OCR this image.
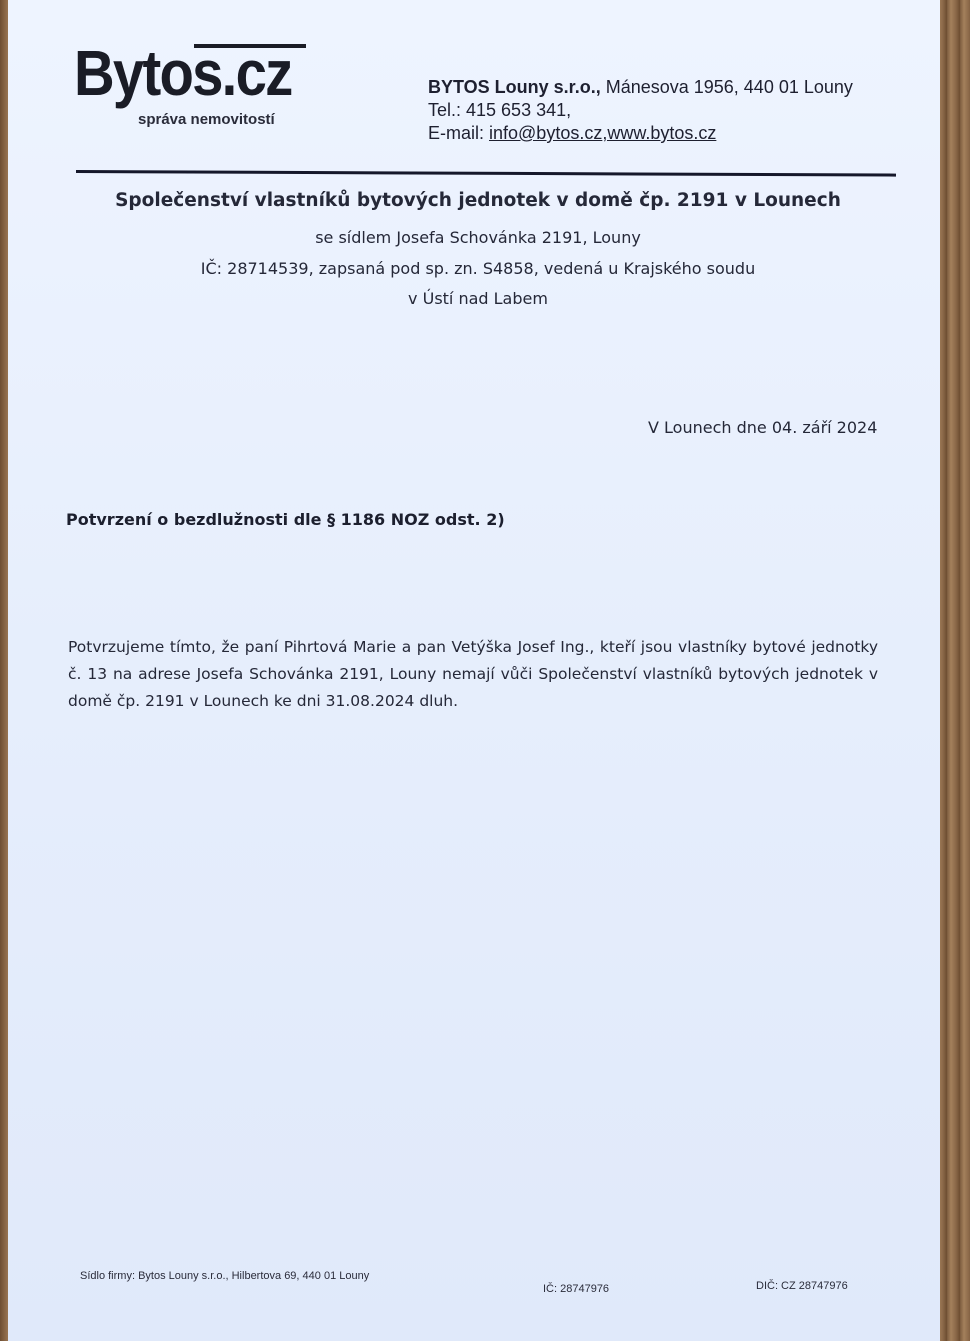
Bytos.cz
správa nemovitostí
BYTOS Louny s.r.o., Mánesova 1956, 440 01 Louny
Tel.: 415 653 341,
E-mail: info@bytos.cz,www.bytos.cz
Společenství vlastníků bytových jednotek v domě čp. 2191 v Lounech
se sídlem Josefa Schovánka 2191, Louny
IČ: 28714539, zapsaná pod sp. zn. S4858, vedená u Krajského soudu
v Ústí nad Labem
V Lounech dne 04. září 2024
Potvrzení o bezdlužnosti dle § 1186 NOZ odst. 2)
Potvrzujeme tímto, že paní Pihrtová Marie a pan Vetýška Josef Ing., kteří jsou vlastníky bytové jednotky č. 13 na adrese Josefa Schovánka 2191, Louny nemají vůči Společenství vlastníků bytových jednotek v domě čp. 2191 v Lounech ke dni 31.08.2024 dluh.
Sídlo firmy: Bytos Louny s.r.o., Hilbertova 69, 440 01 Louny
IČ: 28747976	DIČ: CZ 28747976
